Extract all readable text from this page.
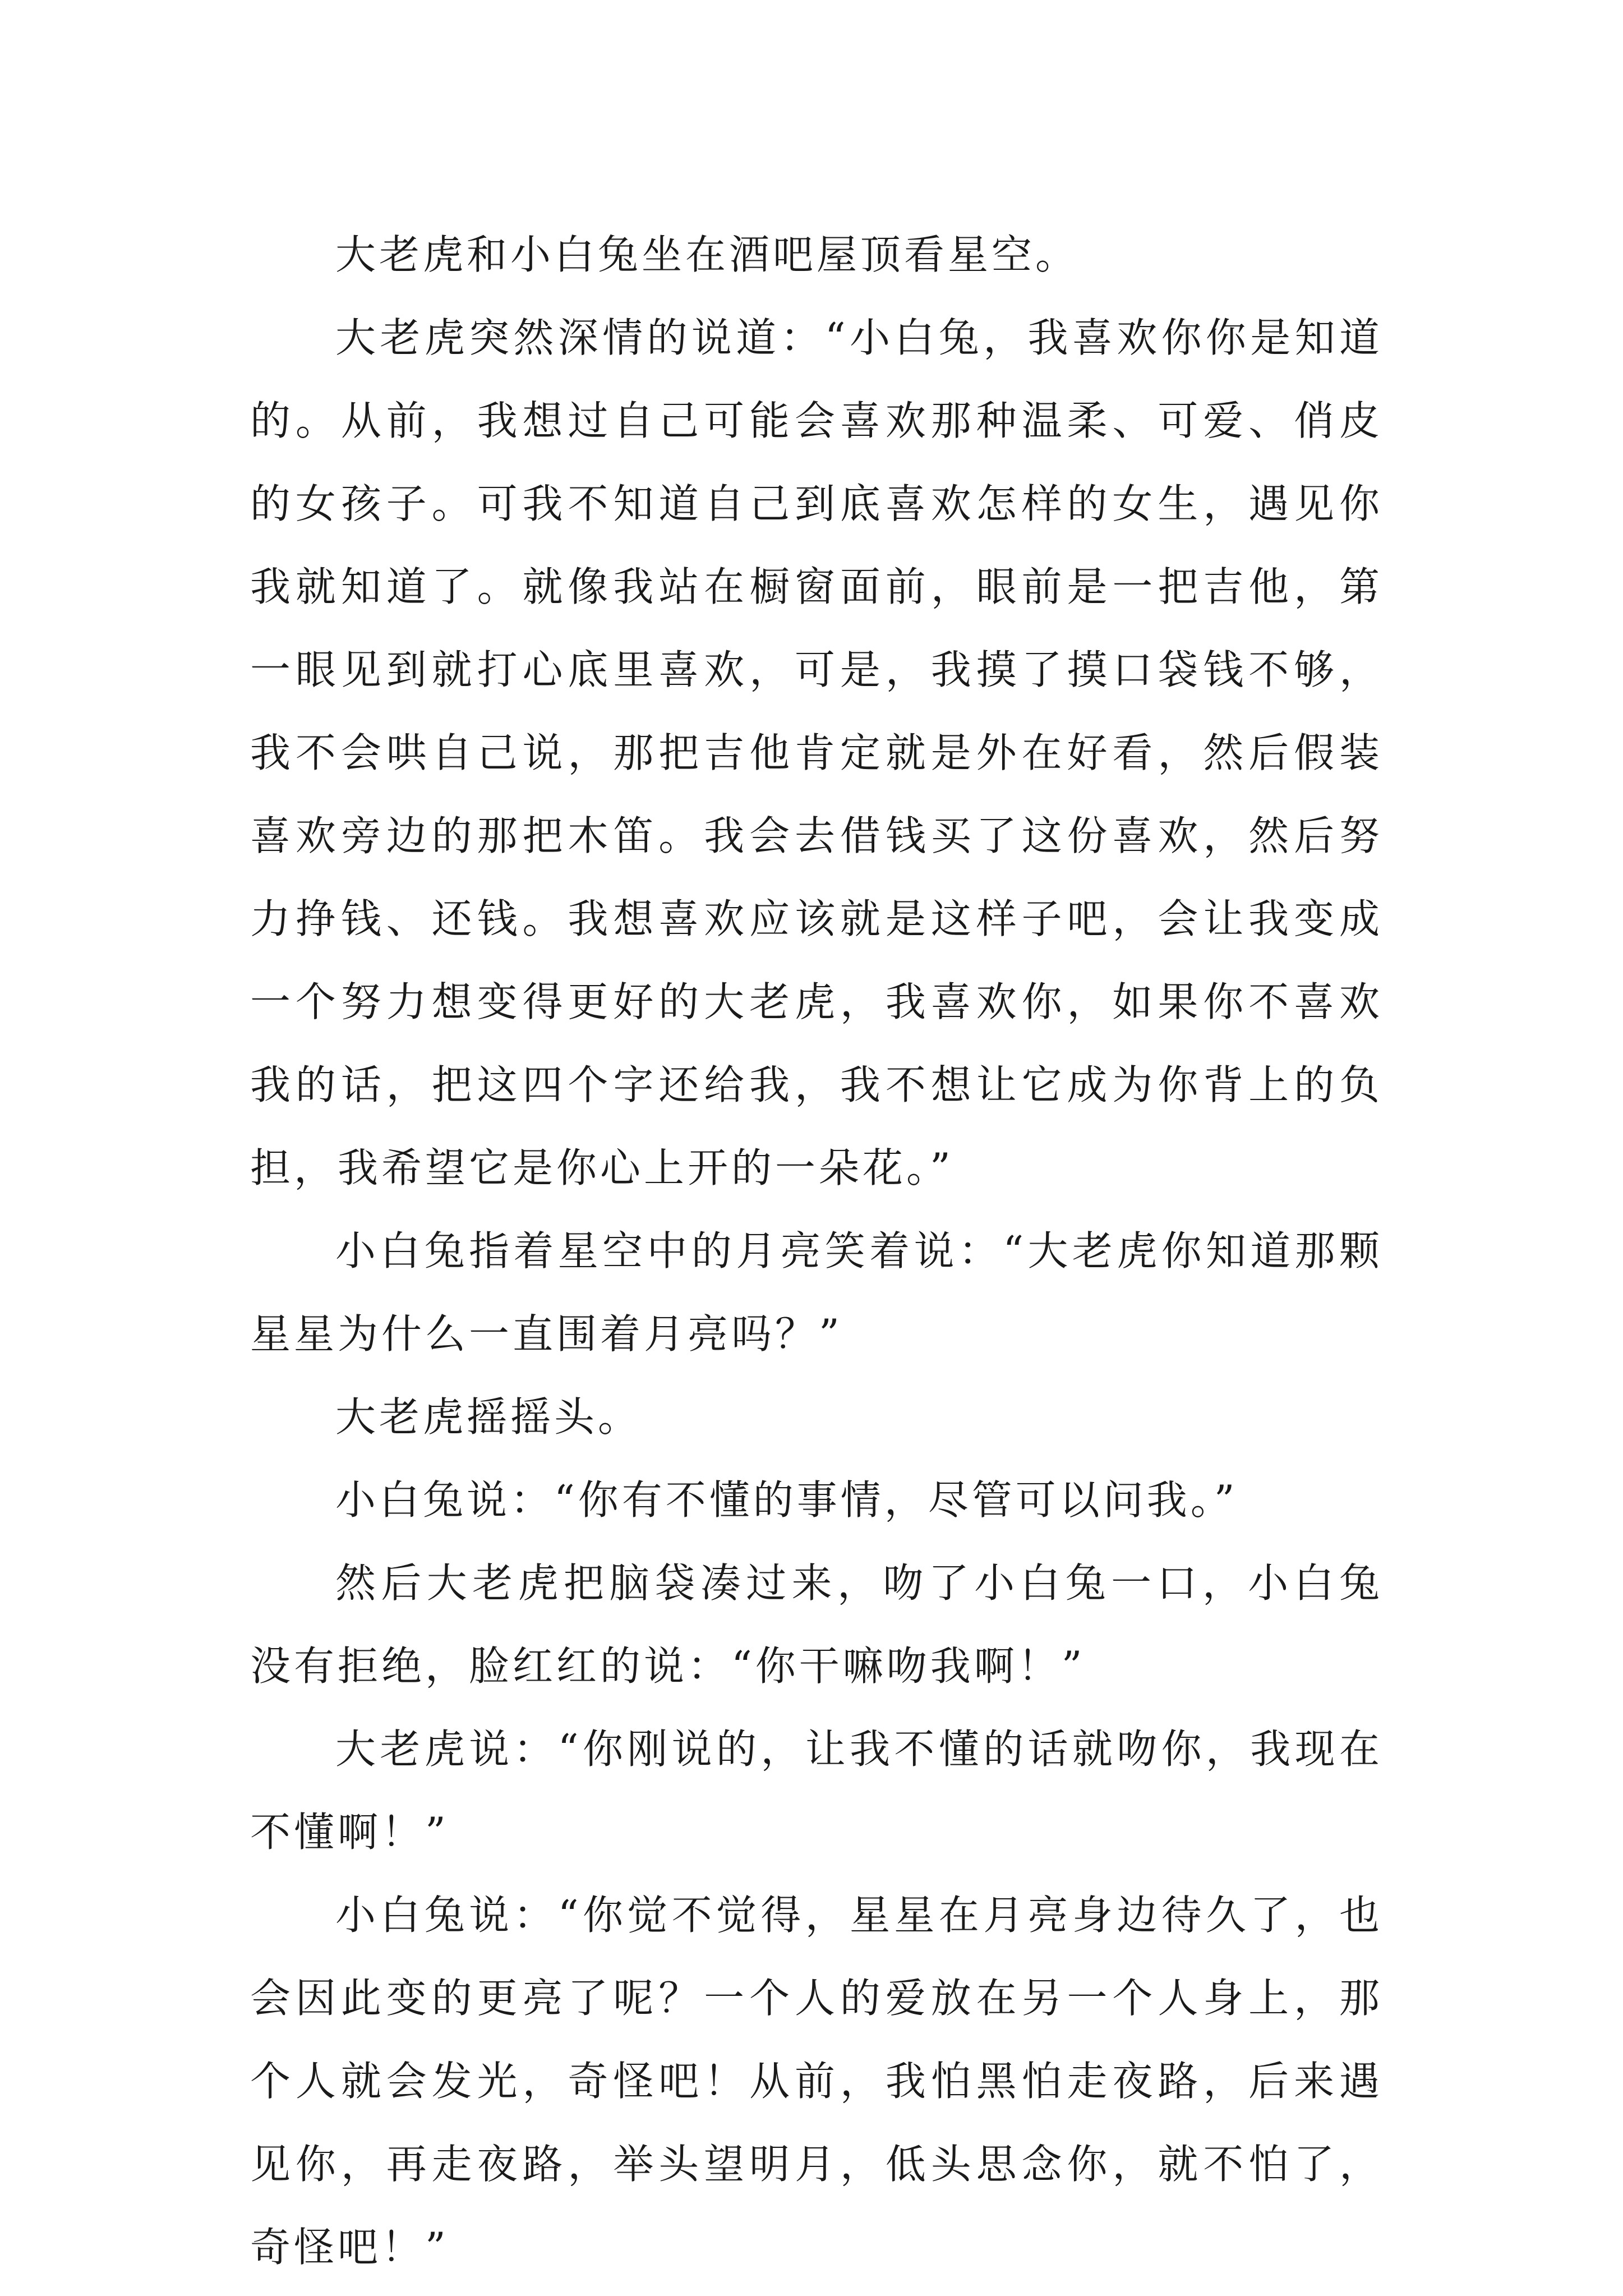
大老虎和小白兔坐在酒吧屋顶看星空。

大老虎突然深情的说道：“小白兔，我喜欢你你是知道的。从前，我想过自己可能会喜欢那种温柔、可爱、俏皮的女孩子。可我不知道自己到底喜欢怎样的女生，遇见你我就知道了。就像我站在橱窗面前，眼前是一把吉他，第一眼见到就打心底里喜欢，可是，我摸了摸口袋钱不够，我不会哄自己说，那把吉他肯定就是外在好看，然后假装喜欢旁边的那把木笛。我会去借钱买了这份喜欢，然后努力挣钱、还钱。我想喜欢应该就是这样子吧，会让我变成一个努力想变得更好的大老虎，我喜欢你，如果你不喜欢我的话，把这四个字还给我，我不想让它成为你背上的负担，我希望它是你心上开的一朵花。”

小白兔指着星空中的月亮笑着说：“大老虎你知道那颗星星为什么一直围着月亮吗？”

大老虎摇摇头。

小白兔说：“你有不懂的事情，尽管可以问我。”

然后大老虎把脑袋凑过来，吻了小白兔一口，小白兔没有拒绝，脸红红的说：“你干嘛吻我啊！”

大老虎说：“你刚说的，让我不懂的话就吻你，我现在不懂啊！”

小白兔说：“你觉不觉得，星星在月亮身边待久了，也会因此变的更亮了呢？一个人的爱放在另一个人身上，那个人就会发光，奇怪吧！从前，我怕黑怕走夜路，后来遇见你，再走夜路，举头望明月，低头思念你，就不怕了，奇怪吧！”
